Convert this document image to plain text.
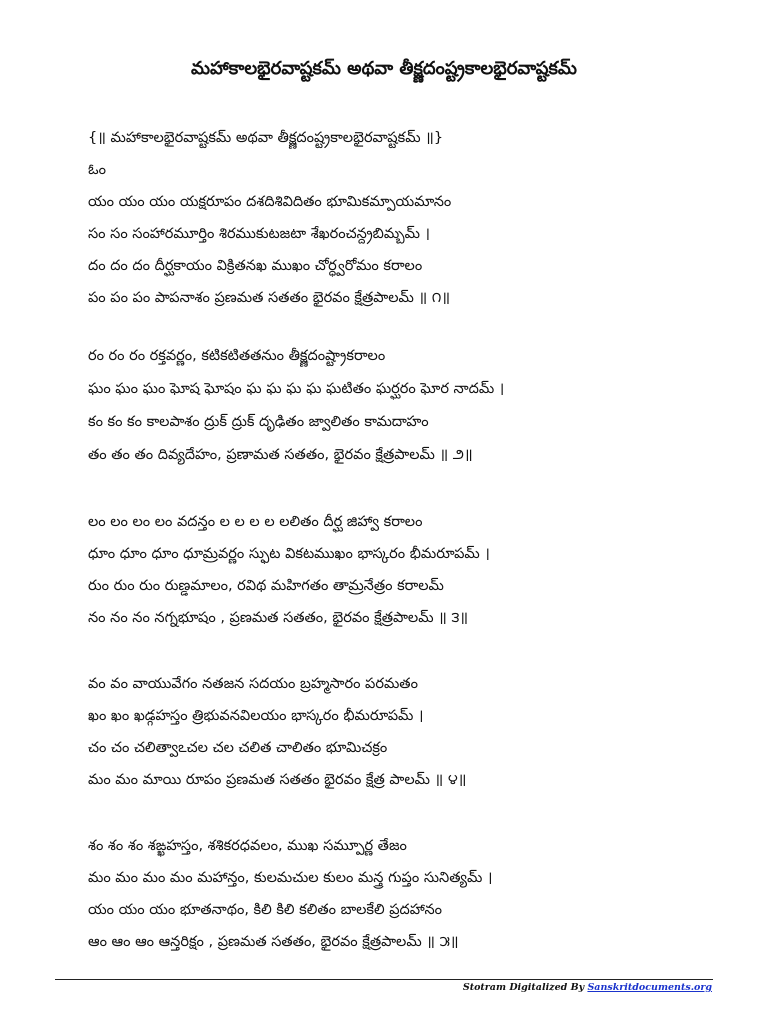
మహాకాలభైరవాష్టకమ్ అథవా తీక్ష్ణదంష్ట్రకాలభైరవాష్టకమ్
{॥ మహాకాలభైరవాష్టకమ్ అథవా తీక్ష్ణదంష్ట్రకాలభైరవాష్టకమ్ ॥}
ఓం
యం యం యం యక్షరూపం దశదిశివిదితం భూమికమ్పాయమానం
సం సం సంహారమూర్తిం శిరముకుటజటా శేఖరంచన్ద్రబిమ్బమ్ ।
దం దం దం దీర్ఘకాయం విక్రితనఖ ముఖం చోర్ధ్వరోమం కరాలం
పం పం పం పాపనాశం ప్రణమత సతతం భైరవం క్షేత్రపాలమ్ ॥ ౧॥
రం రం రం రక్తవర్ణం, కటికటితతనుం తీక్ష్ణదంష్ట్రాకరాలం
ఘం ఘం ఘం ఘోష ఘోషం ఘ ఘ ఘ ఘ ఘటితం ఘర్ఘరం ఘోర నాదమ్ ।
కం కం కం కాలపాశం ద్రుక్ ద్రుక్ దృఢితం జ్వాలితం కామదాహం
తం తం తం దివ్యదేహం, ప్రణామత సతతం, భైరవం క్షేత్రపాలమ్ ॥ ౨॥
లం లం లం లం వదన్తం ల ల ల ల లలితం దీర్ఘ జిహ్వా కరాలం
ధూం ధూం ధూం ధూమ్రవర్ణం స్ఫుట వికటముఖం భాస్కరం భీమరూపమ్ ।
రుం రుం రుం రుణ్డమాలం, రవిథ మహిగతం తామ్రనేత్రం కరాలమ్
నం నం నం నగ్నభూషం , ప్రణమత సతతం, భైరవం క్షేత్రపాలమ్ ॥ ౩॥
వం వం వాయువేగం నతజన సదయం బ్రహ్మసారం పరమతం
ఖం ఖం ఖడ్గహస్తం త్రిభువనవిలయం భాస్కరం భీమరూపమ్ ।
చం చం చలిత్వాఽచల చల చలిత చాలితం భూమిచక్రం
మం మం మాయి రూపం ప్రణమత సతతం భైరవం క్షేత్ర పాలమ్ ॥ ౪॥
శం శం శం శఙ్ఖహస్తం, శశికరధవలం, ముఖ సమ్పూర్ణ తేజం
మం మం మం మం మహాన్తం, కులమచుల కులం మన్త్ర గుప్తం సునిత్యమ్ ।
యం యం యం భూతనాథం, కిలి కిలి కలితం బాలకేలి ప్రదహానం
ఆం ఆం ఆం ఆన్తరిక్షం , ప్రణమత సతతం, భైరవం క్షేత్రపాలమ్ ॥ ౫॥
Stotram Digitalized By Sanskritdocuments.org
